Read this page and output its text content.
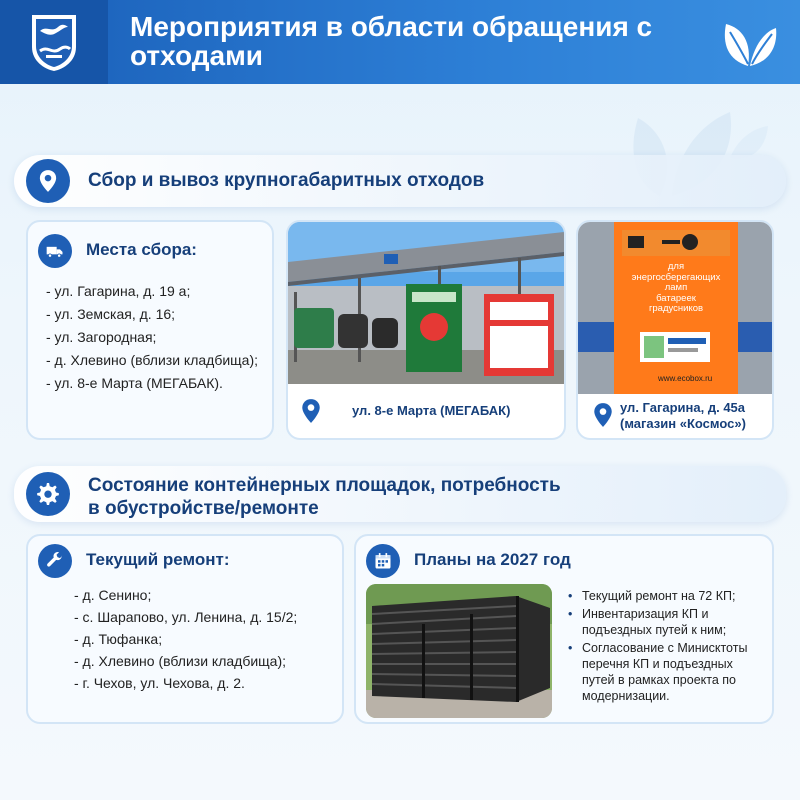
Мероприятия в области обращения с отходами
Сбор и вывоз крупногабаритных отходов
Места сбора:
- ул. Гагарина, д. 19 а;
- ул. Земская, д. 16;
- ул. Загородная;
- д. Хлевино (вблизи кладбища);
- ул. 8-е Марта (МЕГАБАК).
ул. 8-е Марта (МЕГАБАК)
для
энергосберегающих
ламп
батареек
градусников
www.ecobox.ru
ул. Гагарина, д. 45а
(магазин «Космос»)
Состояние контейнерных площадок, потребность
в обустройстве/ремонте
Текущий ремонт:
- д. Сенино;
- с. Шарапово, ул. Ленина, д. 15/2;
- д. Тюфанка;
- д. Хлевино (вблизи кладбища);
- г. Чехов, ул. Чехова, д. 2.
Планы на 2027 год
• Текущий ремонт на 72 КП;
• Инвентаризация КП и подъездных путей к ним;
• Согласование с Минисктоты перечня КП и подъездных путей в рамках проекта по модернизации.
